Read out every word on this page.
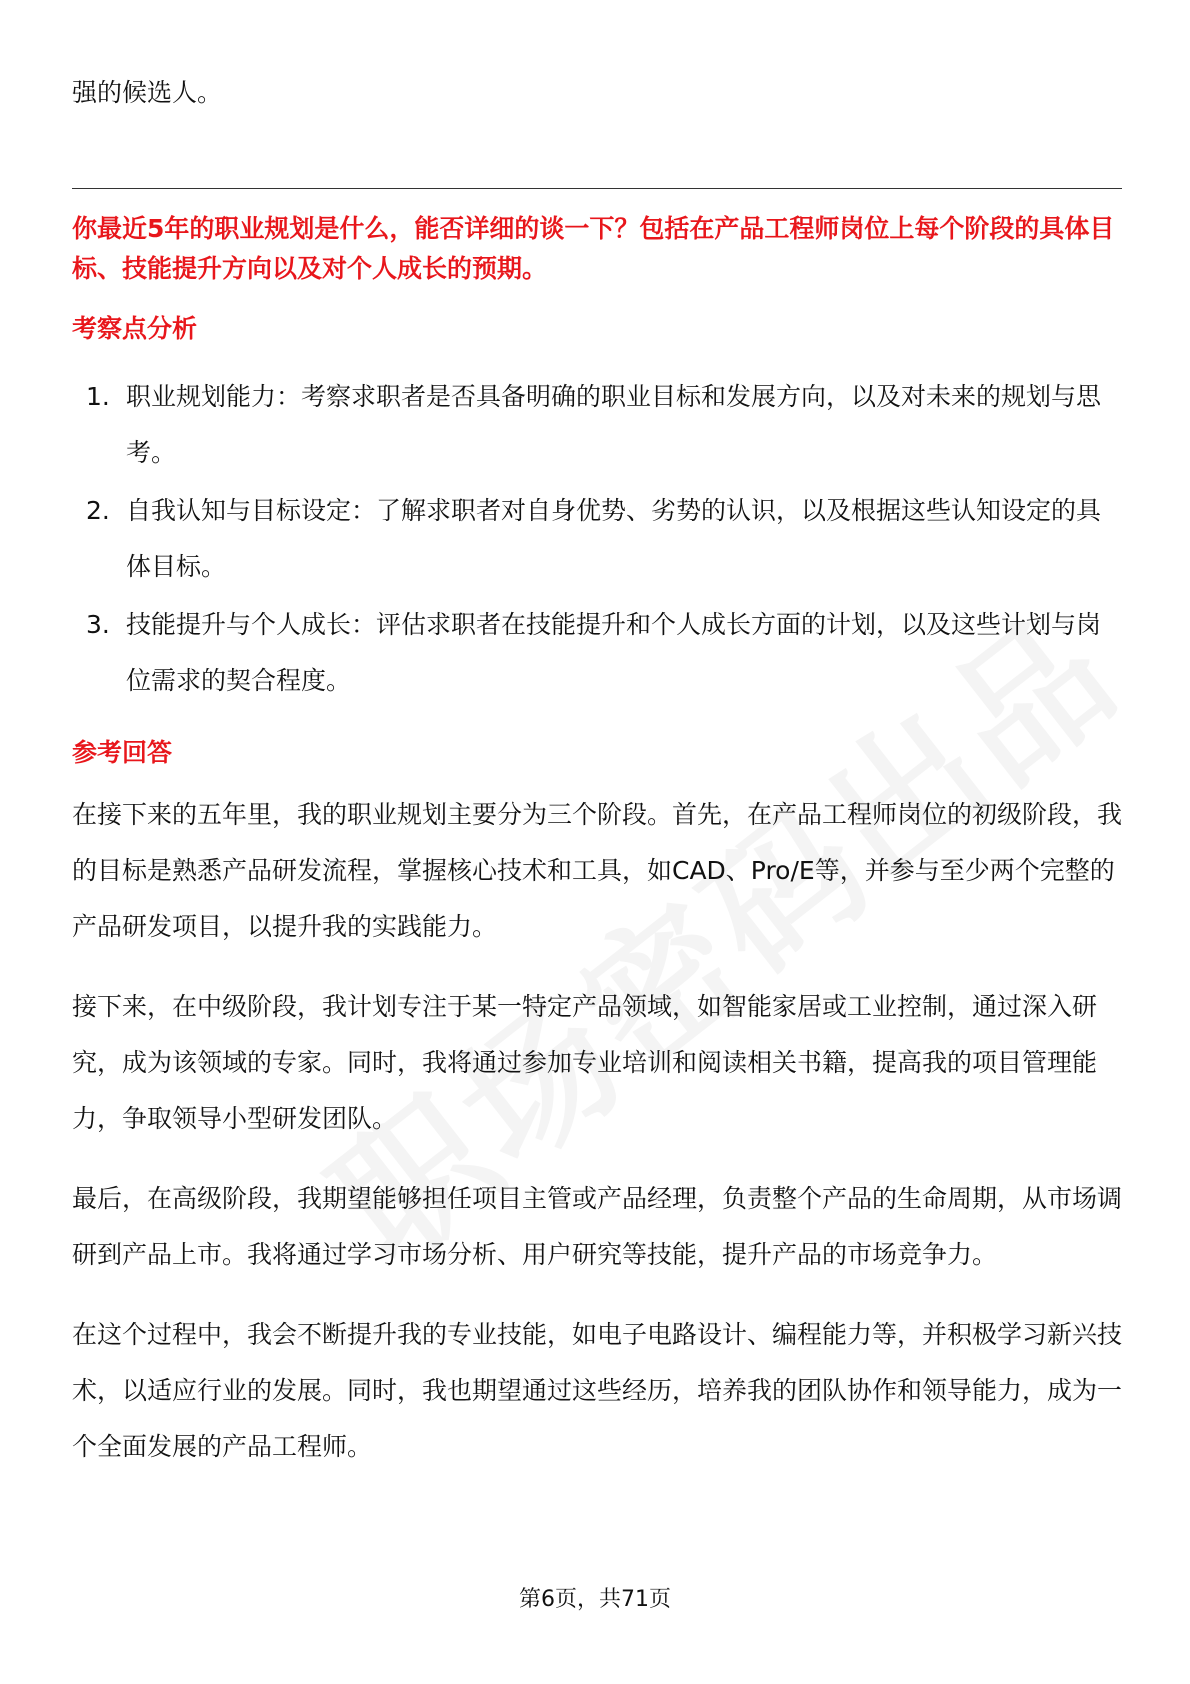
强的候选人。

你最近5年的职业规划是什么，能否详细的谈一下？包括在产品工程师岗位上每个阶段的具体目标、技能提升方向以及对个人成长的预期。

考察点分析
1. 职业规划能力：考察求职者是否具备明确的职业目标和发展方向，以及对未来的规划与思考。
2. 自我认知与目标设定：了解求职者对自身优势、劣势的认识，以及根据这些认知设定的具体目标。
3. 技能提升与个人成长：评估求职者在技能提升和个人成长方面的计划，以及这些计划与岗位需求的契合程度。
参考回答

在接下来的五年里，我的职业规划主要分为三个阶段。首先，在产品工程师岗位的初级阶段，我的目标是熟悉产品研发流程，掌握核心技术和工具，如CAD、Pro/E等，并参与至少两个完整的产品研发项目，以提升我的实践能力。

接下来，在中级阶段，我计划专注于某一特定产品领域，如智能家居或工业控制，通过深入研究，成为该领域的专家。同时，我将通过参加专业培训和阅读相关书籍，提高我的项目管理能力，争取领导小型研发团队。

最后，在高级阶段，我期望能够担任项目主管或产品经理，负责整个产品的生命周期，从市场调研到产品上市。我将通过学习市场分析、用户研究等技能，提升产品的市场竞争力。

在这个过程中，我会不断提升我的专业技能，如电子电路设计、编程能力等，并积极学习新兴技术，以适应行业的发展。同时，我也期望通过这些经历，培养我的团队协作和领导能力，成为一个全面发展的产品工程师。

第6页，共71页
